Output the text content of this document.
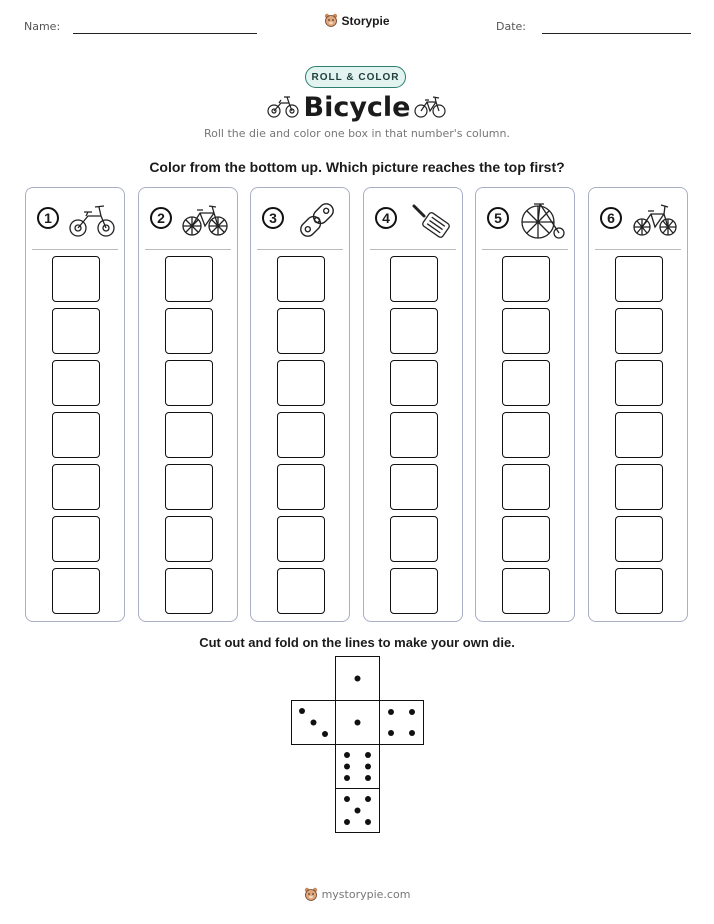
Name:	Date:
Storypie
ROLL & COLOR
Bicycle
Roll the die and color one box in that number's column.
Color from the bottom up. Which picture reaches the top first?
1	2	3	4	5	6
Cut out and fold on the lines to make your own die.
mystorypie.com
